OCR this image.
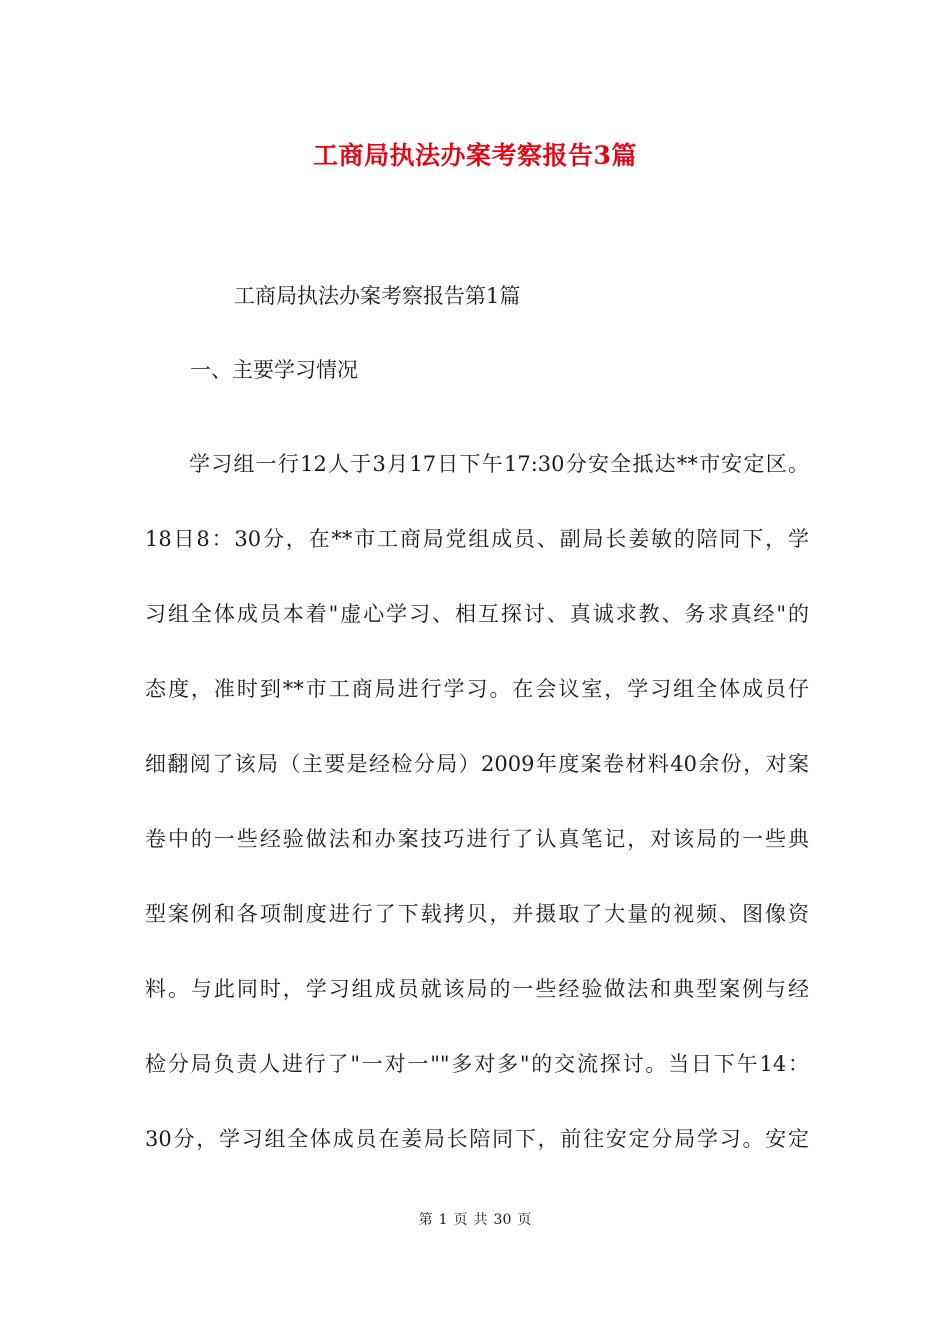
工商局执法办案考察报告3篇
工商局执法办案考察报告第1篇
一、主要学习情况
学习组一行12人于3月17日下午17:30分安全抵达**市安定区。
18日8：30分，在**市工商局党组成员、副局长姜敏的陪同下，学
习组全体成员本着"虚心学习、相互探讨、真诚求教、务求真经"的
态度，准时到**市工商局进行学习。在会议室，学习组全体成员仔
细翻阅了该局（主要是经检分局）2009年度案卷材料40余份，对案
卷中的一些经验做法和办案技巧进行了认真笔记，对该局的一些典
型案例和各项制度进行了下载拷贝，并摄取了大量的视频、图像资
料。与此同时，学习组成员就该局的一些经验做法和典型案例与经
检分局负责人进行了"一对一""多对多"的交流探讨。当日下午14：
30分，学习组全体成员在姜局长陪同下，前往安定分局学习。安定
第 1 页 共 30 页
